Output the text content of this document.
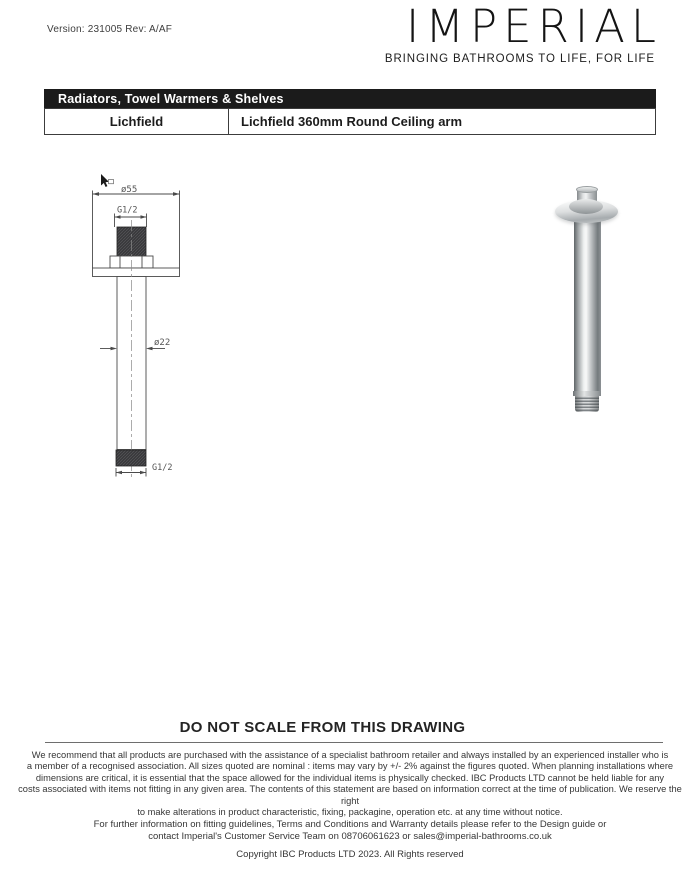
Version: 231005 Rev: A/AF	IMPERIAL
BRINGING BATHROOMS TO LIFE, FOR LIFE
Radiators, Towel Warmers & Shelves
Lichfield	Lichfield 360mm Round Ceiling arm
ø55
G1/2
ø22
G1/2
DO NOT SCALE FROM THIS DRAWING
We recommend that all products are purchased with the assistance of a specialist bathroom retailer and always installed by an experienced installer who is
a member of a recognised association. All sizes quoted are nominal : items may vary by +/- 2% against the figures quoted. When planning installations where
dimensions are critical, it is essential that the space allowed for the individual items is physically checked. IBC Products LTD cannot be held liable for any
costs associated with items not fitting in any given area. The contents of this statement are based on information correct at the time of publication. We reserve the right
to make alterations in product characteristic, fixing, packagine, operation etc. at any time without notice.
For further information on fitting guidelines, Terms and Conditions and Warranty details please refer to the Design guide or
contact Imperial's Customer Service Team on 08706061623 or sales@imperial-bathrooms.co.uk
Copyright IBC Products LTD 2023. All Rights reserved
